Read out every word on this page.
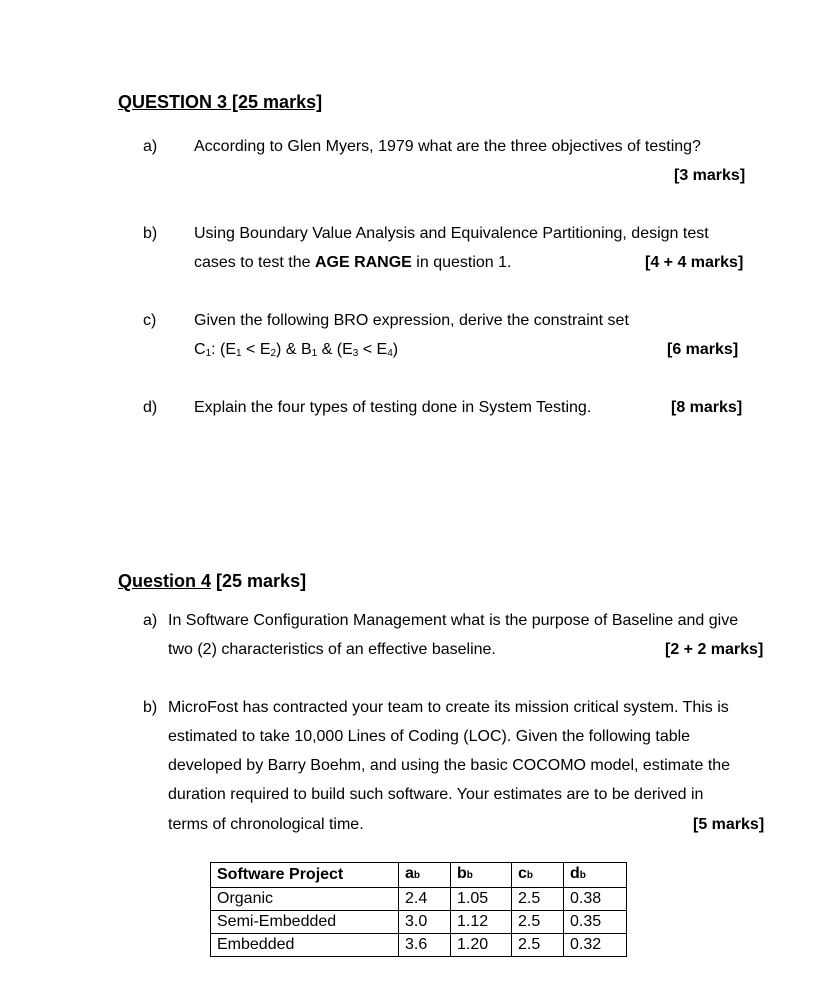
QUESTION 3 [25 marks]
a) According to Glen Myers, 1979 what are the three objectives of testing?
[3 marks]
b) Using Boundary Value Analysis and Equivalence Partitioning, design test
cases to test the AGE RANGE in question 1.	[4 + 4 marks]
c) Given the following BRO expression, derive the constraint set
$C_1$: $(E_1 < E_2)$ & $B_1$ & $(E_3 < E_4)$	[6 marks]
d) Explain the four types of testing done in System Testing.	[8 marks]
Question 4 [25 marks]
a) In Software Configuration Management what is the purpose of Baseline and give
two (2) characteristics of an effective baseline.	[2 + 2 marks]
b) MicroFost has contracted your team to create its mission critical system. This is
estimated to take 10,000 Lines of Coding (LOC). Given the following table
developed by Barry Boehm, and using the basic COCOMO model, estimate the
duration required to build such software. Your estimates are to be derived in
terms of chronological time.	[5 marks]
Software Project	ab	bb	cb	db
Organic	2.4	1.05	2.5	0.38
Semi-Embedded	3.0	1.12	2.5	0.35
Embedded	3.6	1.20	2.5	0.32
